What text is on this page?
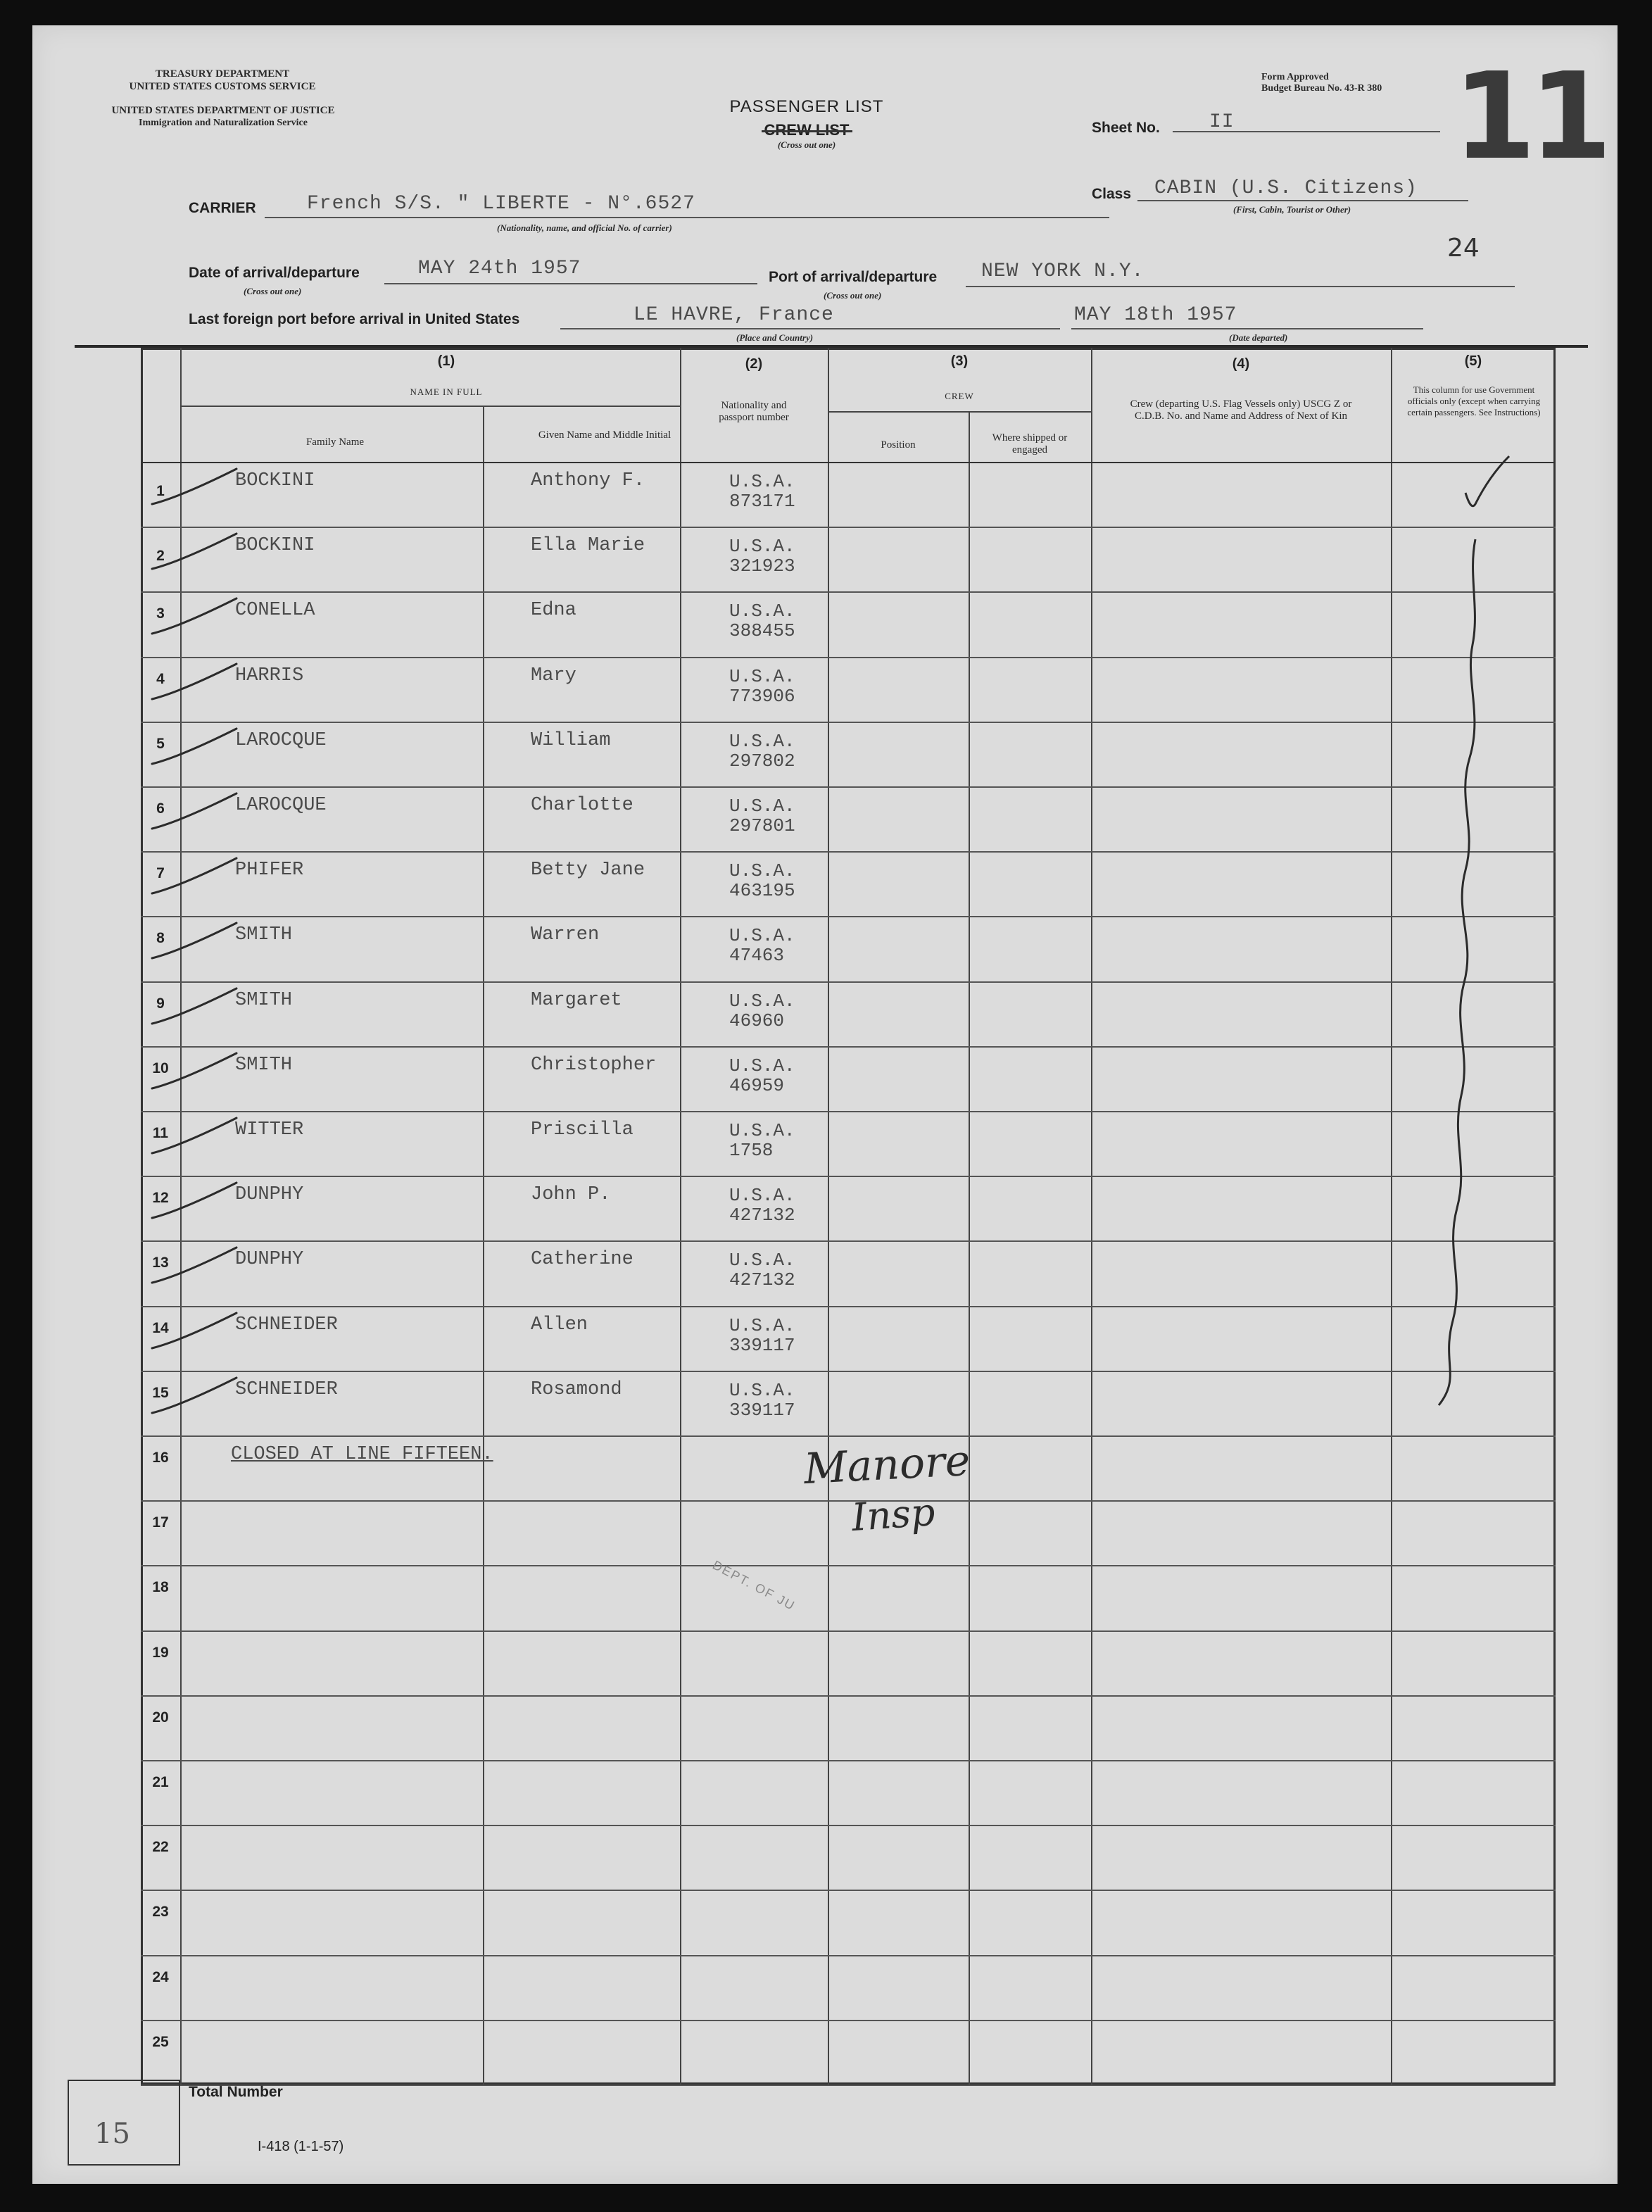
TREASURY DEPARTMENT
UNITED STATES CUSTOMS SERVICE
UNITED STATES DEPARTMENT OF JUSTICE
Immigration and Naturalization Service
PASSENGER LIST
CREW LIST
(Cross out one)
Form Approved
Budget Bureau No. 43-R 380 11
Sheet No.	II
CARRIER	French S/S. " LIBERTE - N°.6527
(Nationality, name, and official No. of carrier)
Class CABIN (U.S. Citizens)
(First, Cabin, Tourist or Other)
24
Date of arrival/departure
(Cross out one)
MAY 24th 1957	Port of arrival/departure
(Cross out one)
NEW YORK N.Y.
Last foreign port before arrival in United States	LE HAVRE, France
(Place and Country)
MAY 18th 1957
(Date departed)
(1)
NAME IN FULL
Family Name
Given Name and Middle Initial
(2)
Nationality and passport number
(3)
CREW
Position
Where shipped or engaged
(4)
Crew (departing U.S. Flag Vessels only) USCG Z or C.D.B. No. and Name and Address of Next of Kin
(5)
This column for use Government officials only (except when carrying certain passengers. See Instructions)
1	BOCKINI	Anthony F.	U.S.A.
873171
2	BOCKINI	Ella Marie	U.S.A.
321923
3	CONELLA	Edna	U.S.A.
388455
4	HARRIS	Mary	U.S.A.
773906
5	LAROCQUE	William	U.S.A.
297802
6	LAROCQUE	Charlotte	U.S.A.
297801
7	PHIFER	Betty Jane	U.S.A.
463195
8	SMITH	Warren	U.S.A.
47463
9	SMITH	Margaret	U.S.A.
46960
10	SMITH	Christopher	U.S.A.
46959
11	WITTER	Priscilla	U.S.A.
1758
12	DUNPHY	John P.	U.S.A.
427132
13	DUNPHY	Catherine	U.S.A.
427132
14	SCHNEIDER	Allen	U.S.A.
339117
15	SCHNEIDER	Rosamond	U.S.A.
339117
16	CLOSED AT LINE FIFTEEN.
17
18
19
20
21
22
23
24
25
Manore
Insp
DEPT. OF JU
15
Total Number
I-418 (1-1-57)
